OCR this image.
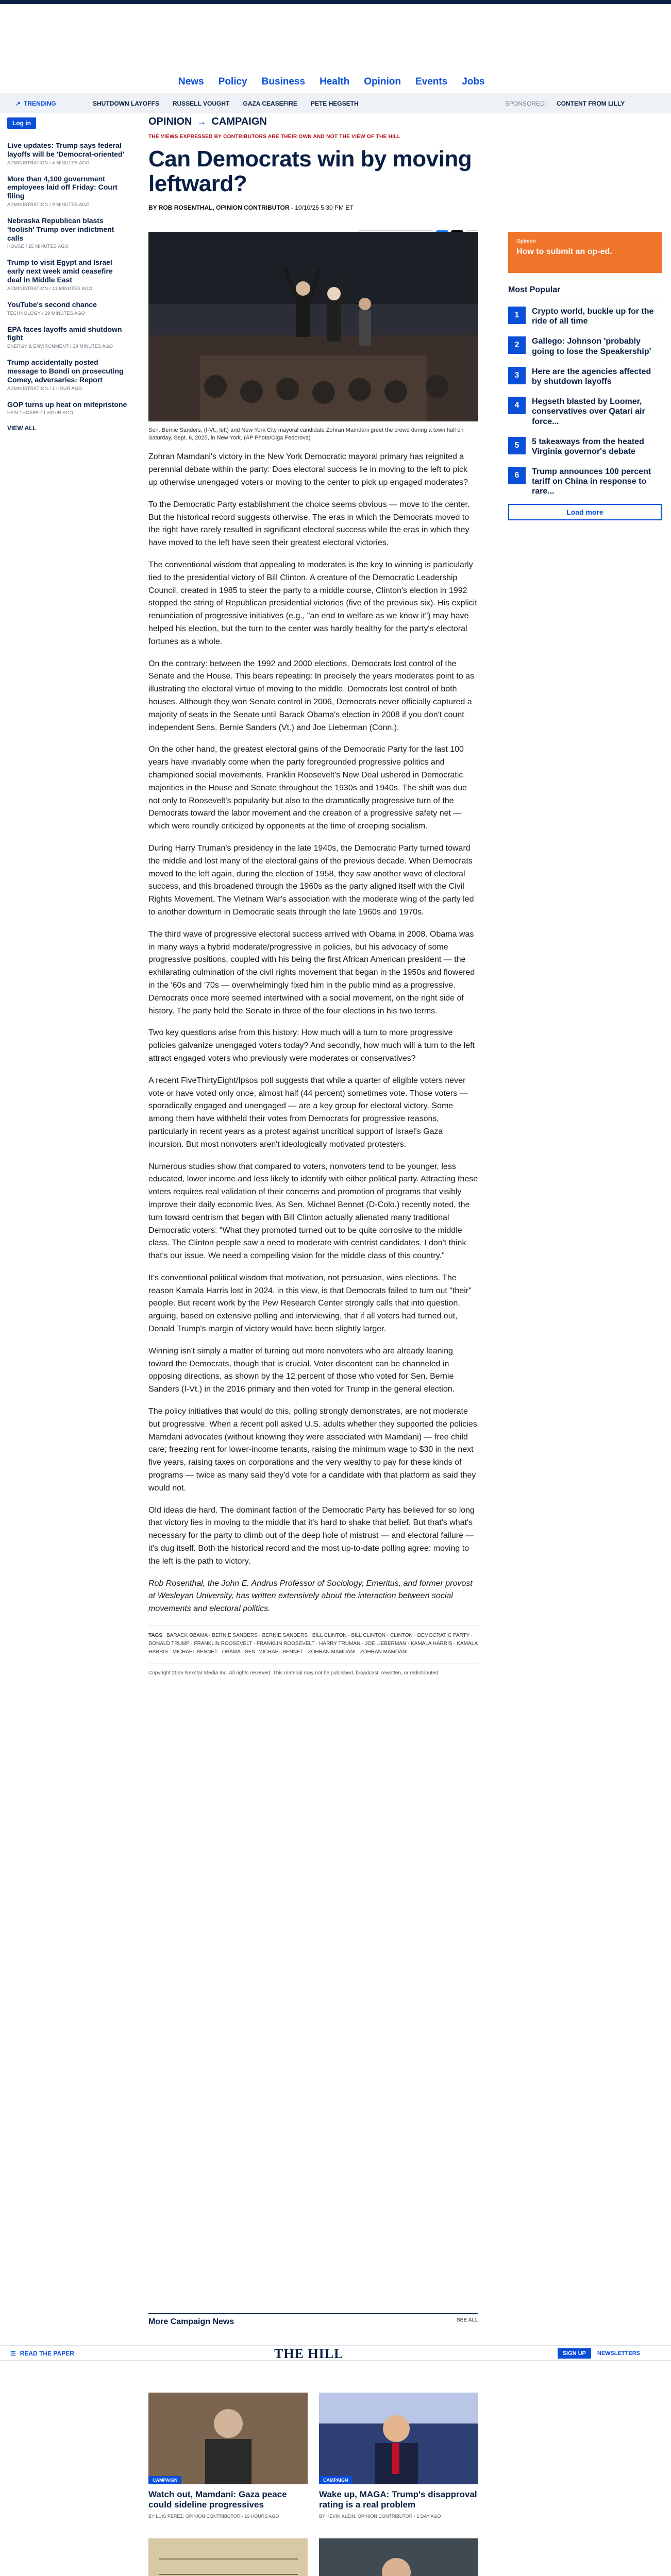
News Policy Business Health Opinion Events Jobs
↗ TRENDING	SHUTDOWN LAYOFFS RUSSELL VOUGHT GAZA CEASEFIRE PETE HEGSETH	SPONSORED: CONTENT FROM LILLY
Log in
Live updates: Trump says federal layoffs will be 'Democrat-oriented'

ADMINISTRATION / 4 MINUTES AGO

More than 4,100 government employees laid off Friday: Court filing

ADMINISTRATION / 9 MINUTES AGO

Nebraska Republican blasts 'foolish' Trump over indictment calls

HOUSE / 25 MINUTES AGO

Trump to visit Egypt and Israel early next week amid ceasefire deal in Middle East

ADMINISTRATION / 41 MINUTES AGO

YouTube's second chance

TECHNOLOGY / 29 MINUTES AGO

EPA faces layoffs amid shutdown fight

ENERGY & ENVIRONMENT / 29 MINUTES AGO

Trump accidentally posted message to Bondi on prosecuting Comey, adversaries: Report

ADMINISTRATION / 1 HOUR AGO

GOP turns up heat on mifepristone

HEALTHCARE / 1 HOUR AGO

VIEW ALL
OPINION → CAMPAIGN
THE VIEWS EXPRESSED BY CONTRIBUTORS ARE THEIR OWN AND NOT THE VIEW OF THE HILL
Can Democrats win by moving leftward?
BY ROB ROSENTHAL, OPINION CONTRIBUTOR - 10/10/25 5:30 PM ET
Sen. Bernie Sanders, (I-Vt., left) and New York City mayoral candidate Zohran Mamdani greet the crowd during a town hall on Saturday, Sept. 6, 2025, in New York. (AP Photo/Olga Fedorova)

Zohran Mamdani's victory in the New York Democratic mayoral primary has reignited a perennial debate within the party: Does electoral success lie in moving to the left to pick up otherwise unengaged voters or moving to the center to pick up engaged moderates?

To the Democratic Party establishment the choice seems obvious — move to the center. But the historical record suggests otherwise. The eras in which the Democrats moved to the right have rarely resulted in significant electoral success while the eras in which they have moved to the left have seen their greatest electoral victories.

The conventional wisdom that appealing to moderates is the key to winning is particularly tied to the presidential victory of Bill Clinton. A creature of the Democratic Leadership Council, created in 1985 to steer the party to a middle course, Clinton's election in 1992 stopped the string of Republican presidential victories (five of the previous six). His explicit renunciation of progressive initiatives (e.g., "an end to welfare as we know it") may have helped his election, but the turn to the center was hardly healthy for the party's electoral fortunes as a whole.

On the contrary: between the 1992 and 2000 elections, Democrats lost control of the Senate and the House. This bears repeating: In precisely the years moderates point to as illustrating the electoral virtue of moving to the middle, Democrats lost control of both houses. Although they won Senate control in 2006, Democrats never officially captured a majority of seats in the Senate until Barack Obama's election in 2008 if you don't count independent Sens. Bernie Sanders (Vt.) and Joe Lieberman (Conn.).

On the other hand, the greatest electoral gains of the Democratic Party for the last 100 years have invariably come when the party foregrounded progressive politics and championed social movements. Franklin Roosevelt's New Deal ushered in Democratic majorities in the House and Senate throughout the 1930s and 1940s. The shift was due not only to Roosevelt's popularity but also to the dramatically progressive turn of the Democrats toward the labor movement and the creation of a progressive safety net — which were roundly criticized by opponents at the time of creeping socialism.

During Harry Truman's presidency in the late 1940s, the Democratic Party turned toward the middle and lost many of the electoral gains of the previous decade. When Democrats moved to the left again, during the election of 1958, they saw another wave of electoral success, and this broadened through the 1960s as the party aligned itself with the Civil Rights Movement. The Vietnam War's association with the moderate wing of the party led to another downturn in Democratic seats through the late 1960s and 1970s.

The third wave of progressive electoral success arrived with Obama in 2008. Obama was in many ways a hybrid moderate/progressive in policies, but his advocacy of some progressive positions, coupled with his being the first African American president — the exhilarating culmination of the civil rights movement that began in the 1950s and flowered in the '60s and '70s — overwhelmingly fixed him in the public mind as a progressive. Democrats once more seemed intertwined with a social movement, on the right side of history. The party held the Senate in three of the four elections in his two terms.

Two key questions arise from this history: How much will a turn to more progressive policies galvanize unengaged voters today? And secondly, how much will a turn to the left attract engaged voters who previously were moderates or conservatives?

A recent FiveThirtyEight/Ipsos poll suggests that while a quarter of eligible voters never vote or have voted only once, almost half (44 percent) sometimes vote. Those voters — sporadically engaged and unengaged — are a key group for electoral victory. Some among them have withheld their votes from Democrats for progressive reasons, particularly in recent years as a protest against uncritical support of Israel's Gaza incursion. But most nonvoters aren't ideologically motivated protesters.

Numerous studies show that compared to voters, nonvoters tend to be younger, less educated, lower income and less likely to identify with either political party. Attracting these voters requires real validation of their concerns and promotion of programs that visibly improve their daily economic lives. As Sen. Michael Bennet (D-Colo.) recently noted, the turn toward centrism that began with Bill Clinton actually alienated many traditional Democratic voters: "What they promoted turned out to be quite corrosive to the middle class. The Clinton people saw a need to moderate with centrist candidates. I don't think that's our issue. We need a compelling vision for the middle class of this country."

It's conventional political wisdom that motivation, not persuasion, wins elections. The reason Kamala Harris lost in 2024, in this view, is that Democrats failed to turn out "their" people. But recent work by the Pew Research Center strongly calls that into question, arguing, based on extensive polling and interviewing, that if all voters had turned out, Donald Trump's margin of victory would have been slightly larger.

Winning isn't simply a matter of turning out more nonvoters who are already leaning toward the Democrats, though that is crucial. Voter discontent can be channeled in opposing directions, as shown by the 12 percent of those who voted for Sen. Bernie Sanders (I-Vt.) in the 2016 primary and then voted for Trump in the general election.

The policy initiatives that would do this, polling strongly demonstrates, are not moderate but progressive. When a recent poll asked U.S. adults whether they supported the policies Mamdani advocates (without knowing they were associated with Mamdani) — free child care; freezing rent for lower-income tenants, raising the minimum wage to $30 in the next five years, raising taxes on corporations and the very wealthy to pay for these kinds of programs — twice as many said they'd vote for a candidate with that platform as said they would not.

Old ideas die hard. The dominant faction of the Democratic Party has believed for so long that victory lies in moving to the middle that it's hard to shake that belief. But that's what's necessary for the party to climb out of the deep hole of mistrust — and electoral failure — it's dug itself. Both the historical record and the most up-to-date polling agree: moving to the left is the path to victory.

Rob Rosenthal, the John E. Andrus Professor of Sociology, Emeritus, and former provost at Wesleyan University, has written extensively about the interaction between social movements and electoral politics.

TAGS BARACK OBAMA · BERNIE SANDERS · BERNIE SANDERS · BILL CLINTON · BILL CLINTON · CLINTON · DEMOCRATIC PARTY · DONALD TRUMP · FRANKLIN ROOSEVELT · FRANKLIN ROOSEVELT · HARRY TRUMAN · JOE LIEBERMAN · KAMALA HARRIS · KAMALA HARRIS · MICHAEL BENNET · OBAMA · SEN. MICHAEL BENNET · ZOHRAN MAMDANI · ZOHRAN MAMDANI
Copyright 2025 Nexstar Media Inc. All rights reserved. This material may not be published, broadcast, rewritten, or redistributed.
Opinion
How to submit an op-ed.
Most Popular
1	Crypto world, buckle up for the ride of all time
2	Gallego: Johnson 'probably going to lose the Speakership'
3	Here are the agencies affected by shutdown layoffs
4	Hegseth blasted by Loomer, conservatives over Qatari air force...
5	5 takeaways from the heated Virginia governor's debate
6	Trump announces 100 percent tariff on China in response to rare...
Load more
More Campaign News	SEE ALL
CAMPAIGN
Watch out, Mamdani: Gaza peace could sideline progressives

BY LUIS PEREZ, OPINION CONTRIBUTOR · 19 HOURS AGO

CAMPAIGN
Wake up, MAGA: Trump's disapproval rating is a real problem

BY KEVIN KLEIN, OPINION CONTRIBUTOR · 1 DAY AGO

☰ READ THE PAPER	THE HILL	SIGN UP	NEWSLETTERS
